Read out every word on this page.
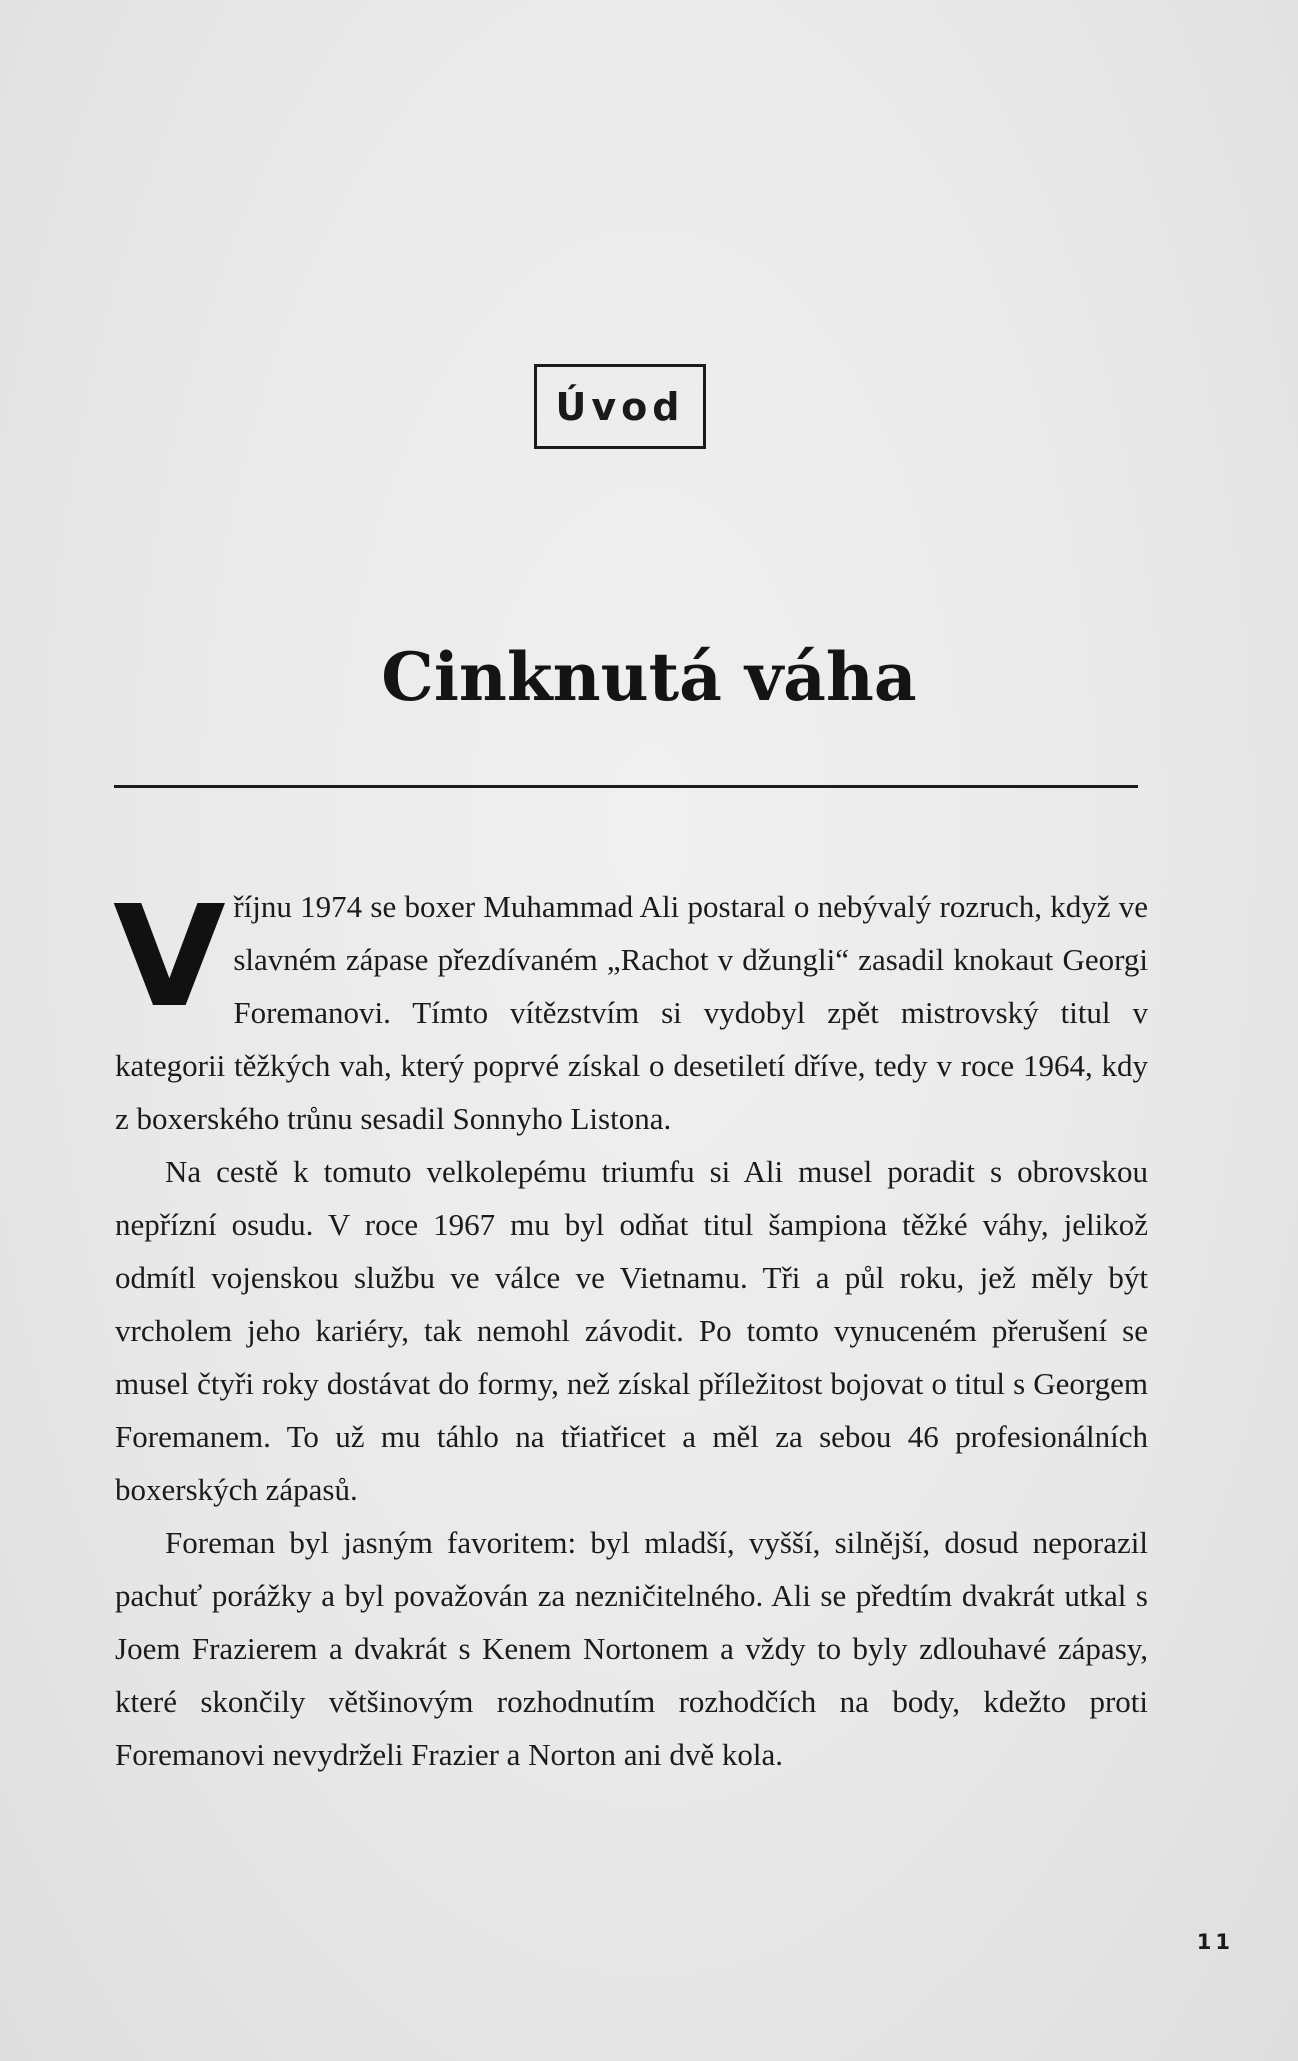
Úvod
Cinknutá váha

V říjnu 1974 se boxer Muhammad Ali postaral o nebývalý rozruch, když ve slavném zápase přezdívaném „Rachot v džungli“ zasadil knokaut Georgi Foremanovi. Tímto vítězstvím si vydobyl zpět mistrovský titul v kategorii těžkých vah, který poprvé získal o desetiletí dříve, tedy v roce 1964, kdy z boxerského trůnu sesadil Sonnyho Listona.

Na cestě k tomuto velkolepému triumfu si Ali musel poradit s obrovskou nepřízní osudu. V roce 1967 mu byl odňat titul šampiona těžké váhy, jelikož odmítl vojenskou službu ve válce ve Vietnamu. Tři a půl roku, jež měly být vrcholem jeho kariéry, tak nemohl závodit. Po tomto vynuceném přerušení se musel čtyři roky dostávat do formy, než získal příležitost bojovat o titul s Georgem Foremanem. To už mu táhlo na třiatřicet a měl za sebou 46 profesionálních boxerských zápasů.

Foreman byl jasným favoritem: byl mladší, vyšší, silnější, dosud neporazil pachuť porážky a byl považován za nezničitelného. Ali se předtím dvakrát utkal s Joem Frazierem a dvakrát s Kenem Nortonem a vždy to byly zdlouhavé zápasy, které skončily většinovým rozhodnutím rozhodčích na body, kdežto proti Foremanovi nevydrželi Frazier a Norton ani dvě kola.

11
